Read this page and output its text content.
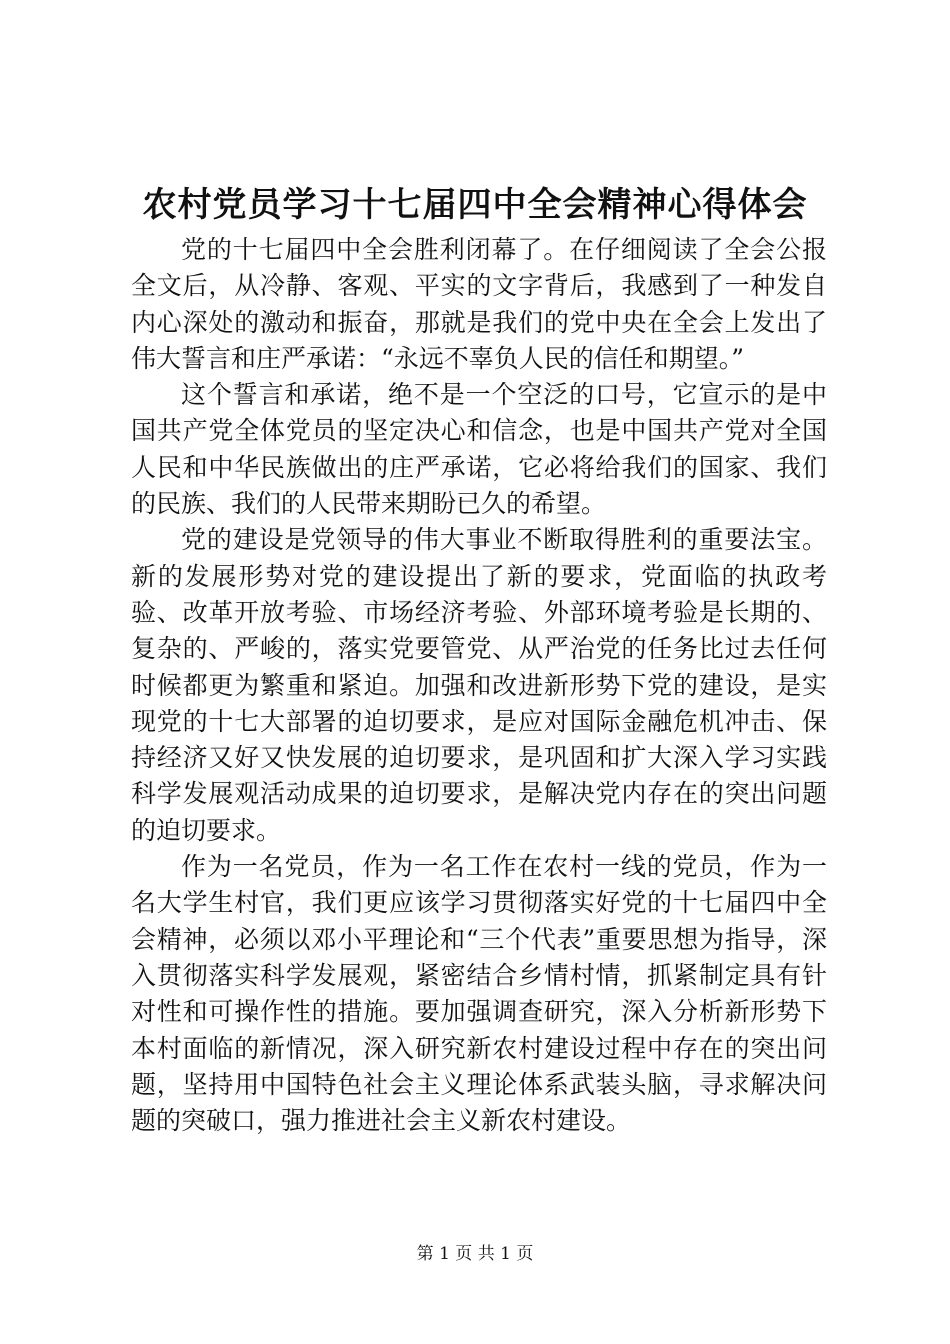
农村党员学习十七届四中全会精神心得体会

党的十七届四中全会胜利闭幕了。在仔细阅读了全会公报全文后，从冷静、客观、平实的文字背后，我感到了一种发自内心深处的激动和振奋，那就是我们的党中央在全会上发出了伟大誓言和庄严承诺：“永远不辜负人民的信任和期望。”

这个誓言和承诺，绝不是一个空泛的口号，它宣示的是中国共产党全体党员的坚定决心和信念，也是中国共产党对全国人民和中华民族做出的庄严承诺，它必将给我们的国家、我们的民族、我们的人民带来期盼已久的希望。

党的建设是党领导的伟大事业不断取得胜利的重要法宝。新的发展形势对党的建设提出了新的要求，党面临的执政考验、改革开放考验、市场经济考验、外部环境考验是长期的、复杂的、严峻的，落实党要管党、从严治党的任务比过去任何时候都更为繁重和紧迫。加强和改进新形势下党的建设，是实现党的十七大部署的迫切要求，是应对国际金融危机冲击、保持经济又好又快发展的迫切要求，是巩固和扩大深入学习实践科学发展观活动成果的迫切要求，是解决党内存在的突出问题的迫切要求。

作为一名党员，作为一名工作在农村一线的党员，作为一名大学生村官，我们更应该学习贯彻落实好党的十七届四中全会精神，必须以邓小平理论和“三个代表”重要思想为指导，深入贯彻落实科学发展观，紧密结合乡情村情，抓紧制定具有针对性和可操作性的措施。要加强调查研究，深入分析新形势下本村面临的新情况，深入研究新农村建设过程中存在的突出问题，坚持用中国特色社会主义理论体系武装头脑，寻求解决问题的突破口，强力推进社会主义新农村建设。

第 1 页 共 1 页
